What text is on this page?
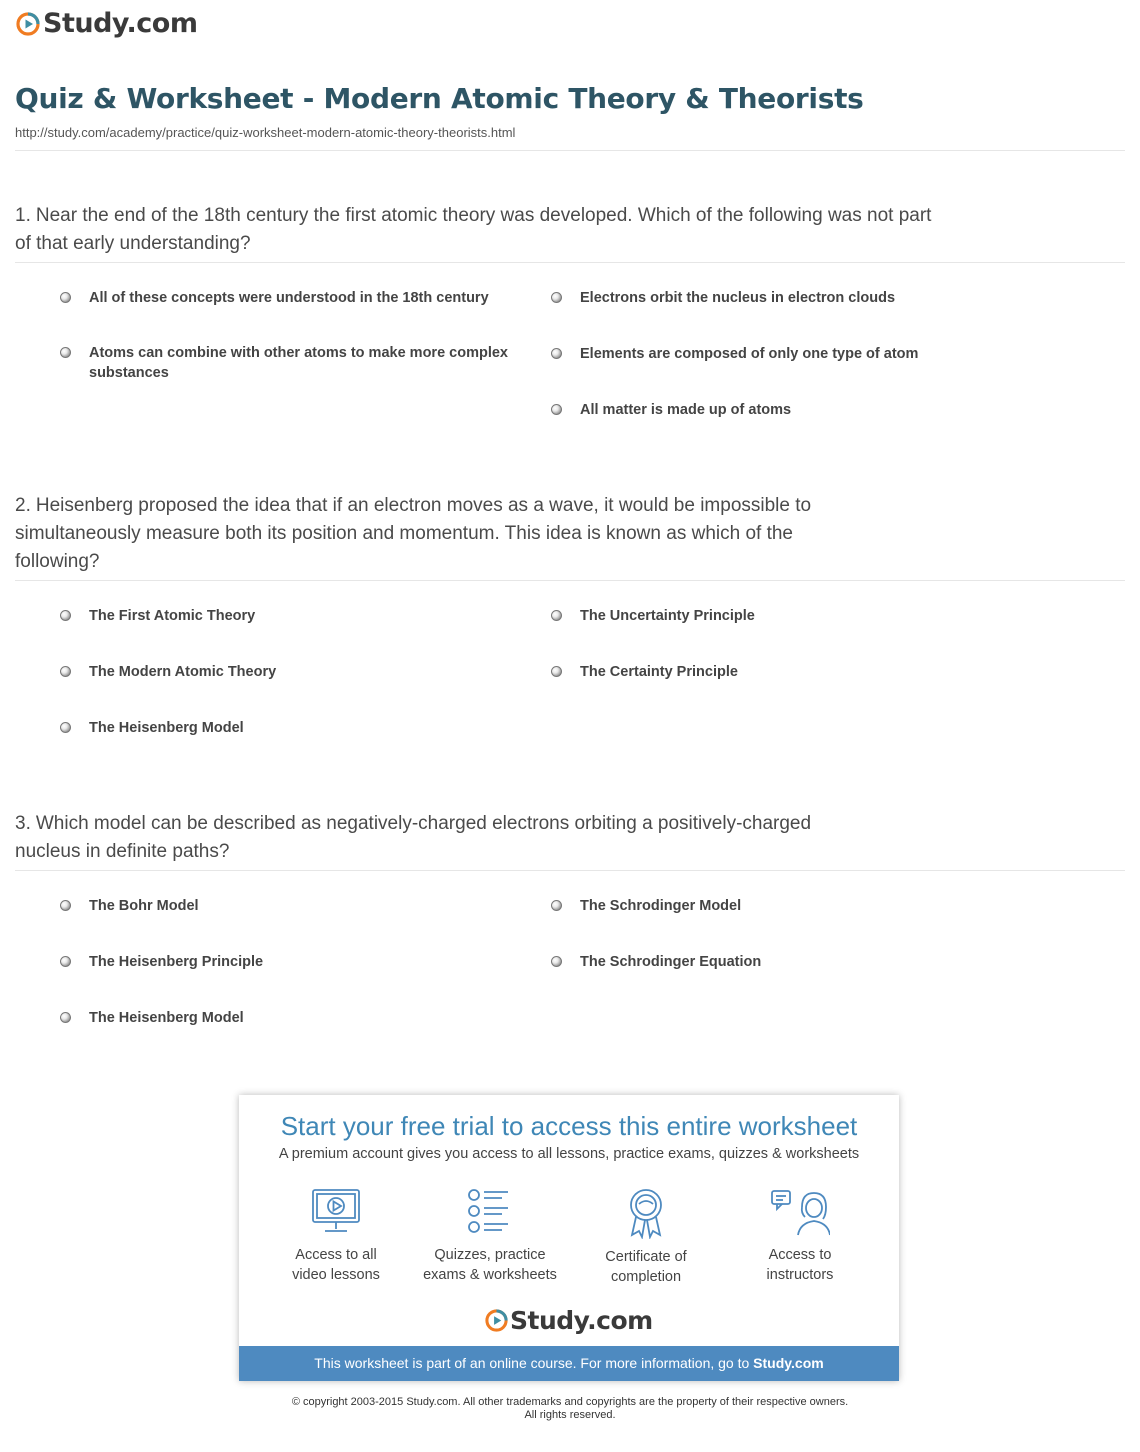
Study.com
Quiz & Worksheet - Modern Atomic Theory & Theorists
http://study.com/academy/practice/quiz-worksheet-modern-atomic-theory-theorists.html
1. Near the end of the 18th century the first atomic theory was developed. Which of the following was not part of that early understanding?
All of these concepts were understood in the 18th century	Electrons orbit the nucleus in electron clouds
Atoms can combine with other atoms to make more complex substances
Elements are composed of only one type of atom
All matter is made up of atoms
2. Heisenberg proposed the idea that if an electron moves as a wave, it would be impossible to simultaneously measure both its position and momentum. This idea is known as which of the following?
The First Atomic Theory	The Uncertainty Principle
The Modern Atomic Theory	The Certainty Principle
The Heisenberg Model
3. Which model can be described as negatively-charged electrons orbiting a positively-charged nucleus in definite paths?
The Bohr Model	The Schrodinger Model
The Heisenberg Principle	The Schrodinger Equation
The Heisenberg Model
Start your free trial to access this entire worksheet
A premium account gives you access to all lessons, practice exams, quizzes & worksheets
Access to all
video lessons
Quizzes, practice
exams & worksheets
Certificate of
completion
Access to
instructors
Study.com
This worksheet is part of an online course. For more information, go to Study.com
© copyright 2003-2015 Study.com. All other trademarks and copyrights are the property of their respective owners.
All rights reserved.
